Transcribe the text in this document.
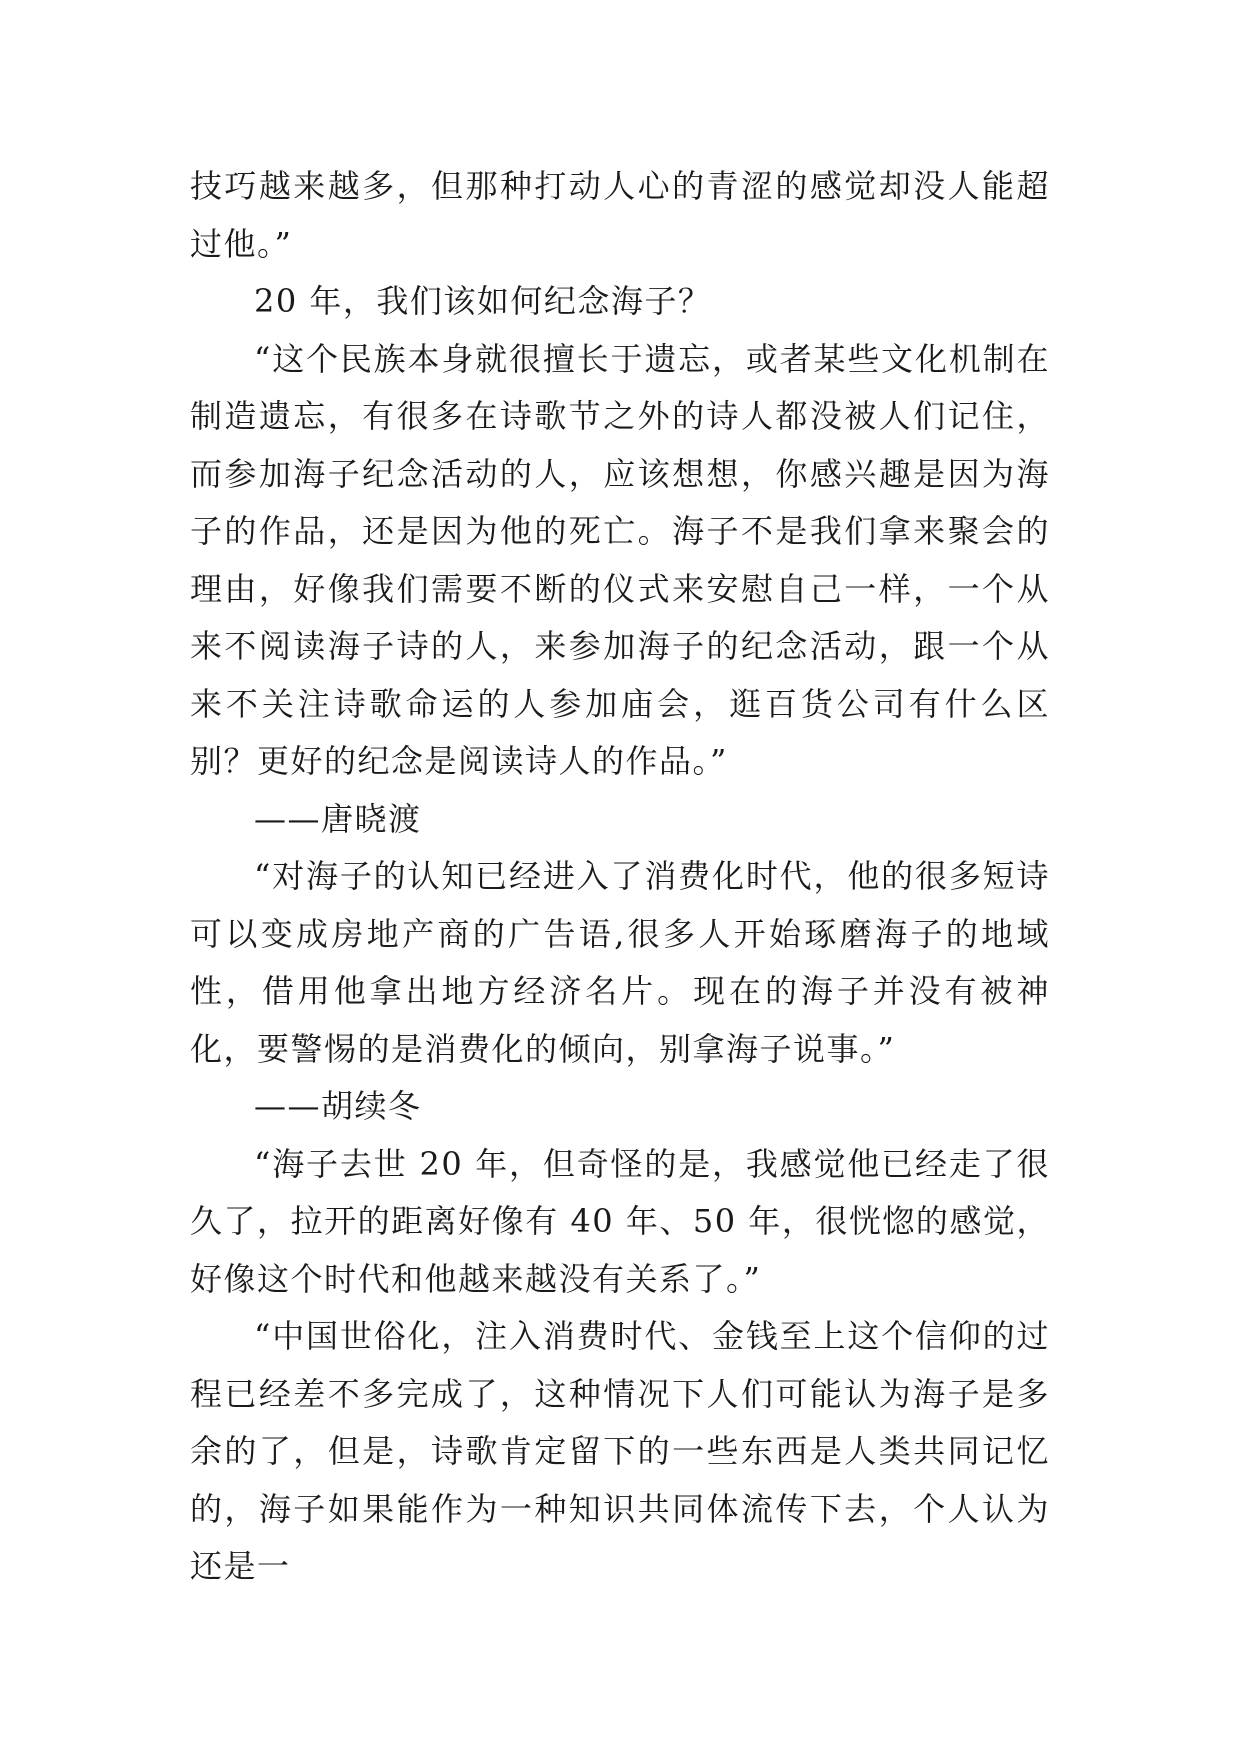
技巧越来越多，但那种打动人心的青涩的感觉却没人能超过他。”

20 年，我们该如何纪念海子？

“这个民族本身就很擅长于遗忘，或者某些文化机制在制造遗忘，有很多在诗歌节之外的诗人都没被人们记住，而参加海子纪念活动的人，应该想想，你感兴趣是因为海子的作品，还是因为他的死亡。海子不是我们拿来聚会的理由，好像我们需要不断的仪式来安慰自己一样，一个从来不阅读海子诗的人，来参加海子的纪念活动，跟一个从来不关注诗歌命运的人参加庙会，逛百货公司有什么区别？更好的纪念是阅读诗人的作品。”

——唐晓渡

“对海子的认知已经进入了消费化时代，他的很多短诗可以变成房地产商的广告语,很多人开始琢磨海子的地域性，借用他拿出地方经济名片。现在的海子并没有被神化，要警惕的是消费化的倾向，别拿海子说事。”

——胡续冬

“海子去世 20 年，但奇怪的是，我感觉他已经走了很久了，拉开的距离好像有 40 年、50 年，很恍惚的感觉，好像这个时代和他越来越没有关系了。”

“中国世俗化，注入消费时代、金钱至上这个信仰的过程已经差不多完成了，这种情况下人们可能认为海子是多余的了，但是，诗歌肯定留下的一些东西是人类共同记忆的，海子如果能作为一种知识共同体流传下去，个人认为还是一
